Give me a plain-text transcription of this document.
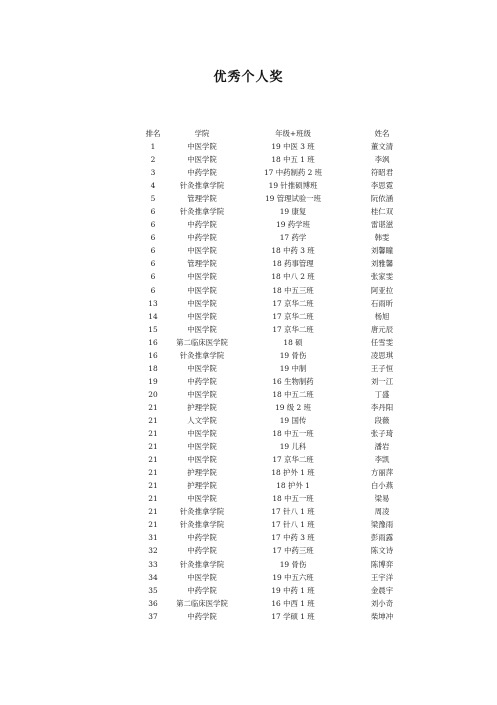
优秀个人奖
排名	学院	年级+班级	姓名
1	中医学院	19 中医 3 班	董文清
2	中医学院	18 中五 1 班	李飒
3	中药学院	17 中药制药 2 班	符昭君
4	针灸推拿学院	19 针推硕博班	李思霓
5	管理学院	19 管理试验一班	阮依涵
6	针灸推拿学院	19 康复	桂仁双
6	中药学院	19 药学班	雷谌滋
6	中药学院	17 药学	韩雯
6	中医学院	18 中药 3 班	刘馨瞳
6	管理学院	18 药事管理	刘雅馨
6	中医学院	18 中八 2 班	张家雯
6	中医学院	18 中五三班	阿亚拉
13	中医学院	17 京华二班	石雨昕
14	中医学院	17 京华二班	杨旭
15	中医学院	17 京华二班	唐元辰
16	第二临床医学院	18 硕	任雪雯
16	针灸推拿学院	19 骨伤	凌思琪
18	中医学院	19 中制	王子恒
19	中药学院	16 生物制药	刘一江
20	中医学院	18 中五二班	丁盛
21	护理学院	19 级 2 班	李丹阳
21	人文学院	19 国传	段薇
21	中医学院	18 中五一班	张子琦
21	中医学院	19 儿科	潘岩
21	中医学院	17 京华二班	李凯
21	护理学院	18 护外 1 班	方丽萍
21	护理学院	18 护外 1	白小燕
21	中医学院	18 中五一班	梁易
21	针灸推拿学院	17 针八 1 班	周凌
21	针灸推拿学院	17 针八 1 班	梁豫雨
31	中药学院	17 中药 3 班	彭雨露
32	中药学院	17 中药三班	陈文诗
33	针灸推拿学院	19 骨伤	陈博弈
34	中医学院	19 中五六班	王宇洋
35	中药学院	19 中药 1 班	金晨宇
36	第二临床医学院	16 中西 1 班	刘小奇
37	中药学院	17 学硕 1 班	柴坤冲
